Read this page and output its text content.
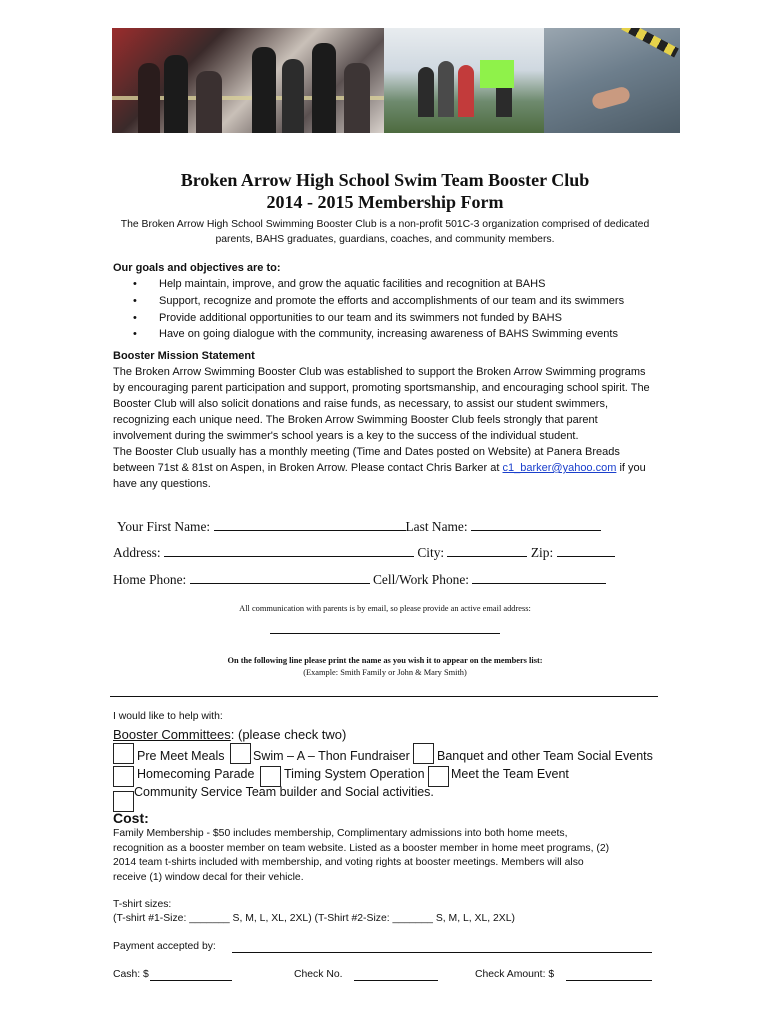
Broken Arrow High School Swim Team Booster Club
2014 - 2015 Membership Form
The Broken Arrow High School Swimming Booster Club is a non-profit 501C-3 organization comprised of dedicated
parents, BAHS graduates, guardians, coaches, and community members.
Our goals and objectives are to:
• Help maintain, improve, and grow the aquatic facilities and recognition at BAHS
• Support, recognize and promote the efforts and accomplishments of our team and its swimmers
• Provide additional opportunities to our team and its swimmers not funded by BAHS
• Have on going dialogue with the community, increasing awareness of BAHS Swimming events
Booster Mission Statement
The Broken Arrow Swimming Booster Club was established to support the Broken Arrow Swimming programs by encouraging parent participation and support, promoting sportsmanship, and encouraging school spirit. The Booster Club will also solicit donations and raise funds, as necessary, to assist our student swimmers, recognizing each unique need. The Broken Arrow Swimming Booster Club feels strongly that parent involvement during the swimmer's school years is a key to the success of the individual student.
The Booster Club usually has a monthly meeting (Time and Dates posted on Website) at Panera Breads between 71st & 81st on Aspen, in Broken Arrow. Please contact Chris Barker at c1_barker@yahoo.com if you have any questions.
Your First Name:	Last Name:
Address:	City:	Zip:
Home Phone:	Cell/Work Phone:
All communication with parents is by email, so please provide an active email address:
On the following line please print the name as you wish it to appear on the members list:
(Example: Smith Family or John & Mary Smith)
I would like to help with:
Booster Committees: (please check two)
Pre Meet Meals Swim – A – Thon Fundraiser Banquet and other Team Social Events
Homecoming Parade Timing System Operation Meet the Team Event
Community Service Team builder and Social activities.
Cost:
Family Membership - $50 includes membership, Complimentary admissions into both home meets,
recognition as a booster member on team website. Listed as a booster member in home meet programs, (2)
2014 team t-shirts included with membership, and voting rights at booster meetings. Members will also
receive (1) window decal for their vehicle.
T-shirt sizes:
(T-shirt #1-Size: _______ S, M, L, XL, 2XL) (T-Shirt #2-Size: _______ S, M, L, XL, 2XL)
Payment accepted by:
Cash: $	Check No.	Check Amount: $
